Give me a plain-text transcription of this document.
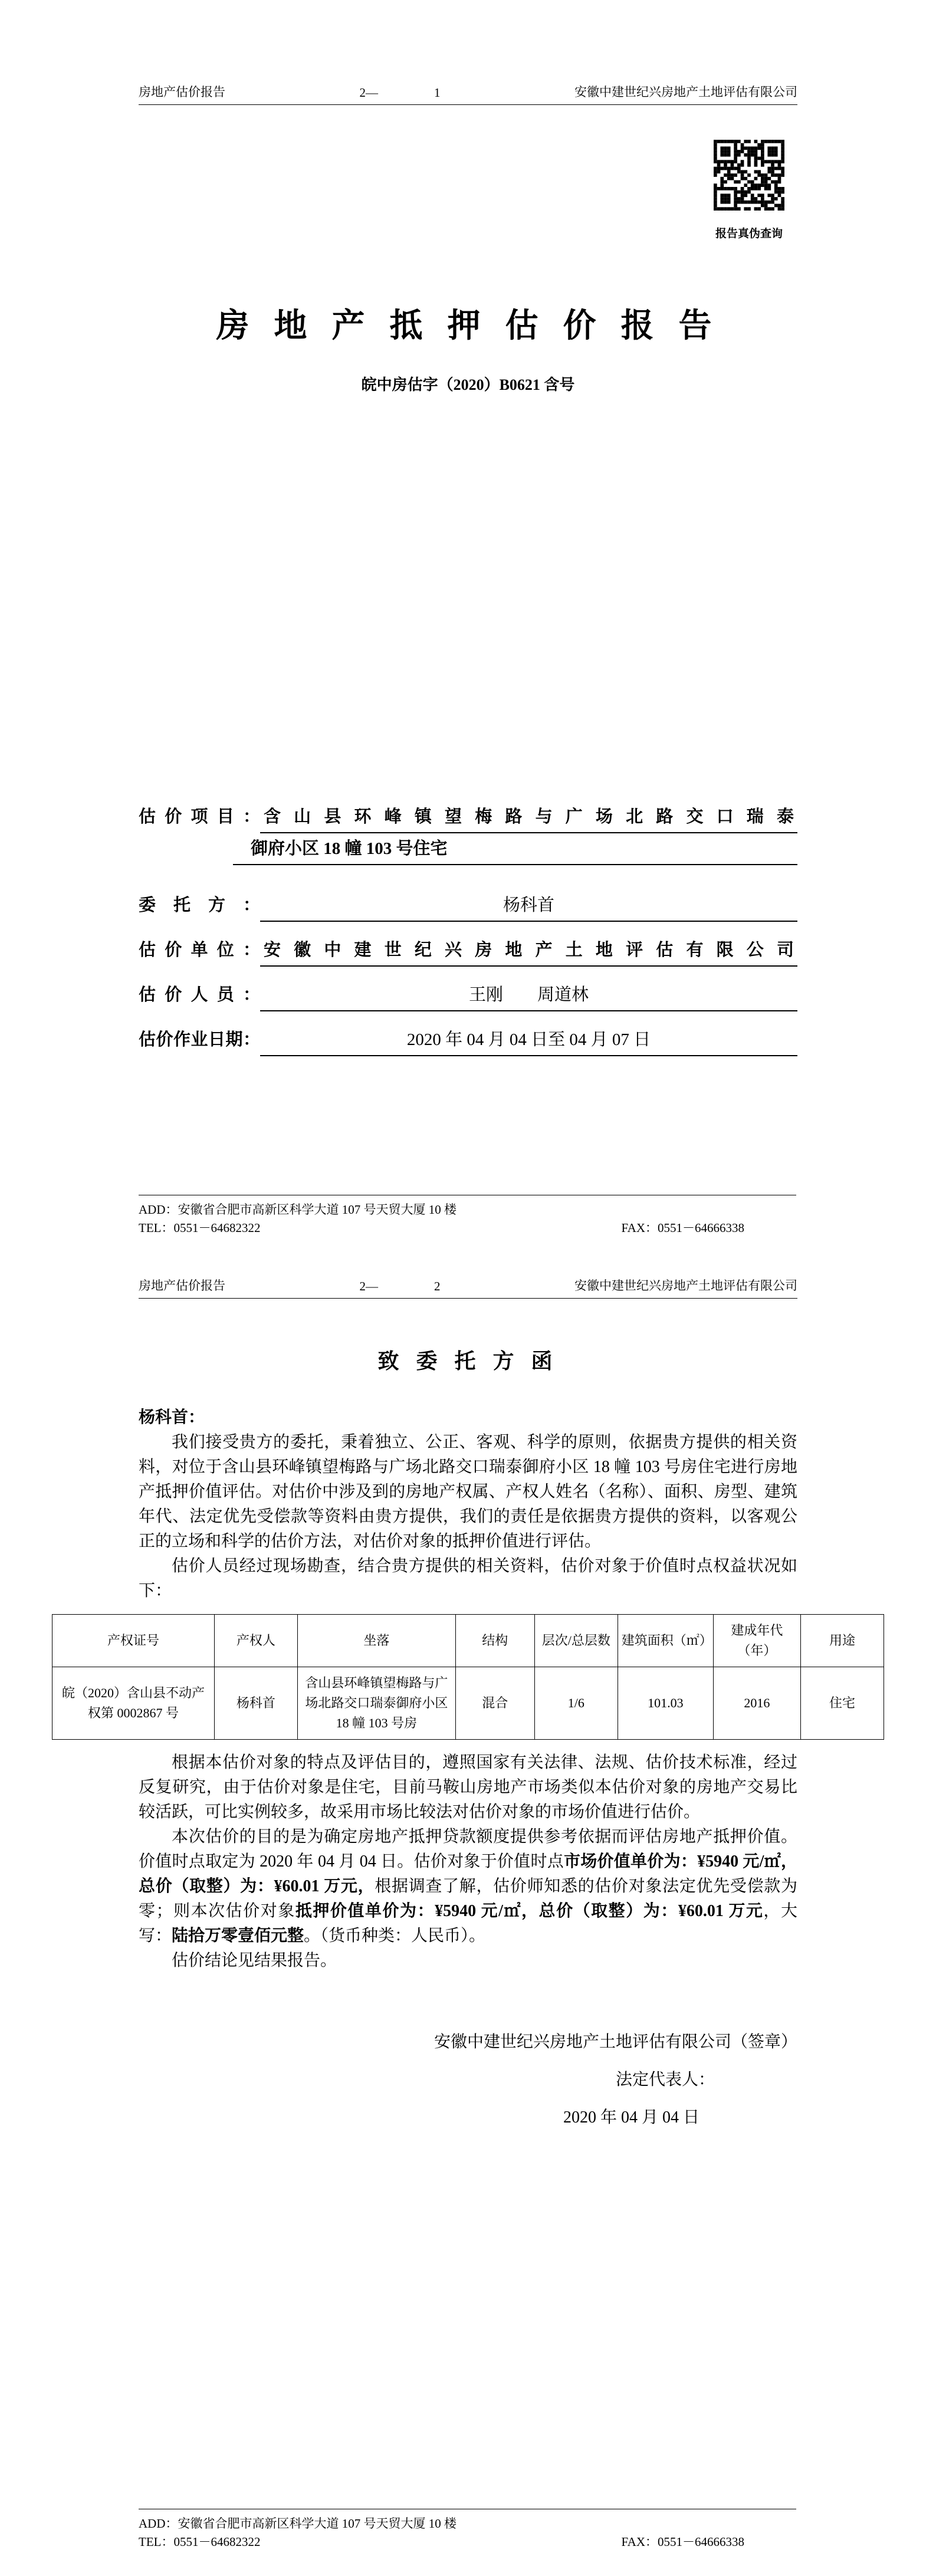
房地产估价报告	2—	1	安徽中建世纪兴房地产土地评估有限公司
房 地 产 抵 押 估 价 报 告
皖中房估字（2020）B0621 含号
估价项目： 含山县环峰镇望梅路与广场北路交口瑞泰
御府小区 18 幢 103 号住宅
委托方：	杨科首
估价单位： 安徽中建世纪兴房地产土地评估有限公司
估价人员：	王刚　　周道林
估价作业日期：	2020 年 04 月 04 日至 04 月 07 日
报告真伪查询
ADD：安徽省合肥市高新区科学大道 107 号天贸大厦 10 楼
TEL：0551－64682322	FAX：0551－64666338
房地产估价报告	2—	2	安徽中建世纪兴房地产土地评估有限公司
致 委 托 方 函
杨科首：

我们接受贵方的委托，秉着独立、公正、客观、科学的原则，依据贵方提供的相关资料，对位于含山县环峰镇望梅路与广场北路交口瑞泰御府小区 18 幢 103 号房住宅进行房地产抵押价值评估。对估价中涉及到的房地产权属、产权人姓名（名称）、面积、房型、建筑年代、法定优先受偿款等资料由贵方提供，我们的责任是依据贵方提供的资料，以客观公正的立场和科学的估价方法，对估价对象的抵押价值进行评估。

估价人员经过现场勘查，结合贵方提供的相关资料，估价对象于价值时点权益状况如下：

产权证号	产权人	坐落	结构	层次/总层数	建筑面积（㎡）	建成年代（年）	用途
皖（2020）含山县不动产权第 0002867 号	杨科首	含山县环峰镇望梅路与广场北路交口瑞泰御府小区 18 幢 103 号房	混合	1/6	101.03	2016	住宅

根据本估价对象的特点及评估目的，遵照国家有关法律、法规、估价技术标准，经过反复研究，由于估价对象是住宅，目前马鞍山房地产市场类似本估价对象的房地产交易比较活跃，可比实例较多，故采用市场比较法对估价对象的市场价值进行估价。

本次估价的目的是为确定房地产抵押贷款额度提供参考依据而评估房地产抵押价值。价值时点取定为 2020 年 04 月 04 日。估价对象于价值时点市场价值单价为：¥5940 元/㎡，总价（取整）为：¥60.01 万元，根据调查了解，估价师知悉的估价对象法定优先受偿款为零；则本次估价对象抵押价值单价为：¥5940 元/㎡，总价（取整）为：¥60.01 万元，大写：陆拾万零壹佰元整。（货币种类：人民币）。

估价结论见结果报告。

安徽中建世纪兴房地产土地评估有限公司（签章）
法定代表人：
2020 年 04 月 04 日
ADD：安徽省合肥市高新区科学大道 107 号天贸大厦 10 楼
TEL：0551－64682322	FAX：0551－64666338
